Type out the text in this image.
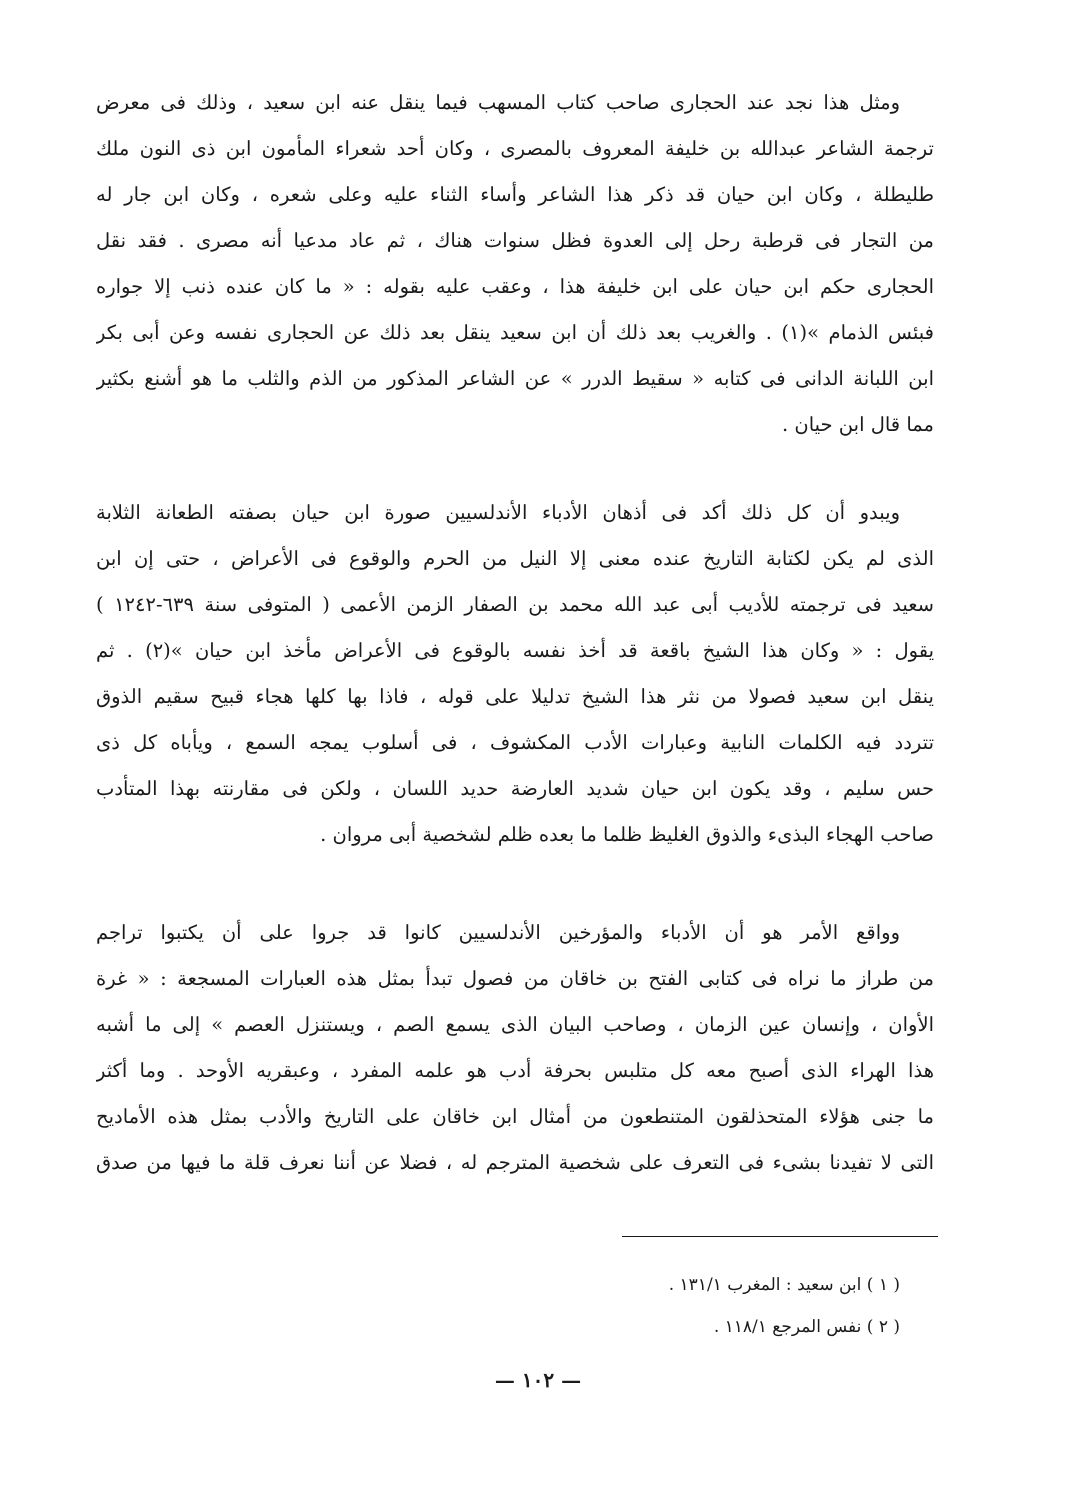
ومثل هذا نجد عند الحجارى صاحب كتاب المسهب فيما ينقل عنه ابن سعيد ، وذلك فى معرض
ترجمة الشاعر عبدالله بن خليفة المعروف بالمصرى ، وكان أحد شعراء المأمون ابن ذى النون ملك
طليطلة ، وكان ابن حيان قد ذكر هذا الشاعر وأساء الثناء عليه وعلى شعره ، وكان ابن جار له
من التجار فى قرطبة رحل إلى العدوة فظل سنوات هناك ، ثم عاد مدعيا أنه مصرى . فقد نقل
الحجارى حكم ابن حيان على ابن خليفة هذا ، وعقب عليه بقوله : « ما كان عنده ذنب إلا جواره
فبئس الذمام »(١) . والغريب بعد ذلك أن ابن سعيد ينقل بعد ذلك عن الحجارى نفسه وعن أبى بكر
ابن اللبانة الدانى فى كتابه « سقيط الدرر » عن الشاعر المذكور من الذم والثلب ما هو أشنع بكثير
مما قال ابن حيان .
ويبدو أن كل ذلك أكد فى أذهان الأدباء الأندلسيين صورة ابن حيان بصفته الطعانة الثلابة
الذى لم يكن لكتابة التاريخ عنده معنى إلا النيل من الحرم والوقوع فى الأعراض ، حتى إن ابن
سعيد فى ترجمته للأديب أبى عبد الله محمد بن الصفار الزمن الأعمى ( المتوفى سنة ٦٣٩-١٢٤٢ )
يقول : « وكان هذا الشيخ باقعة قد أخذ نفسه بالوقوع فى الأعراض مأخذ ابن حيان »(٢) . ثم
ينقل ابن سعيد فصولا من نثر هذا الشيخ تدليلا على قوله ، فاذا بها كلها هجاء قبيح سقيم الذوق
تتردد فيه الكلمات النابية وعبارات الأدب المكشوف ، فى أسلوب يمجه السمع ، ويأباه كل ذى
حس سليم ، وقد يكون ابن حيان شديد العارضة حديد اللسان ، ولكن فى مقارنته بهذا المتأدب
صاحب الهجاء البذىء والذوق الغليظ ظلما ما بعده ظلم لشخصية أبى مروان .
وواقع الأمر هو أن الأدباء والمؤرخين الأندلسيين كانوا قد جروا على أن يكتبوا تراجم
من طراز ما نراه فى كتابى الفتح بن خاقان من فصول تبدأ بمثل هذه العبارات المسجعة : « غرة
الأوان ، وإنسان عين الزمان ، وصاحب البيان الذى يسمع الصم ، ويستنزل العصم » إلى ما أشبه
هذا الهراء الذى أصبح معه كل متلبس بحرفة أدب هو علمه المفرد ، وعبقريه الأوحد . وما أكثر
ما جنى هؤلاء المتحذلقون المتنطعون من أمثال ابن خاقان على التاريخ والأدب بمثل هذه الأماديح
التى لا تفيدنا بشىء فى التعرف على شخصية المترجم له ، فضلا عن أننا نعرف قلة ما فيها من صدق
( ١ ) ابن سعيد : المغرب ١٣١/١ .
( ٢ ) نفس المرجع ١١٨/١ .
— ١٠٢ —
